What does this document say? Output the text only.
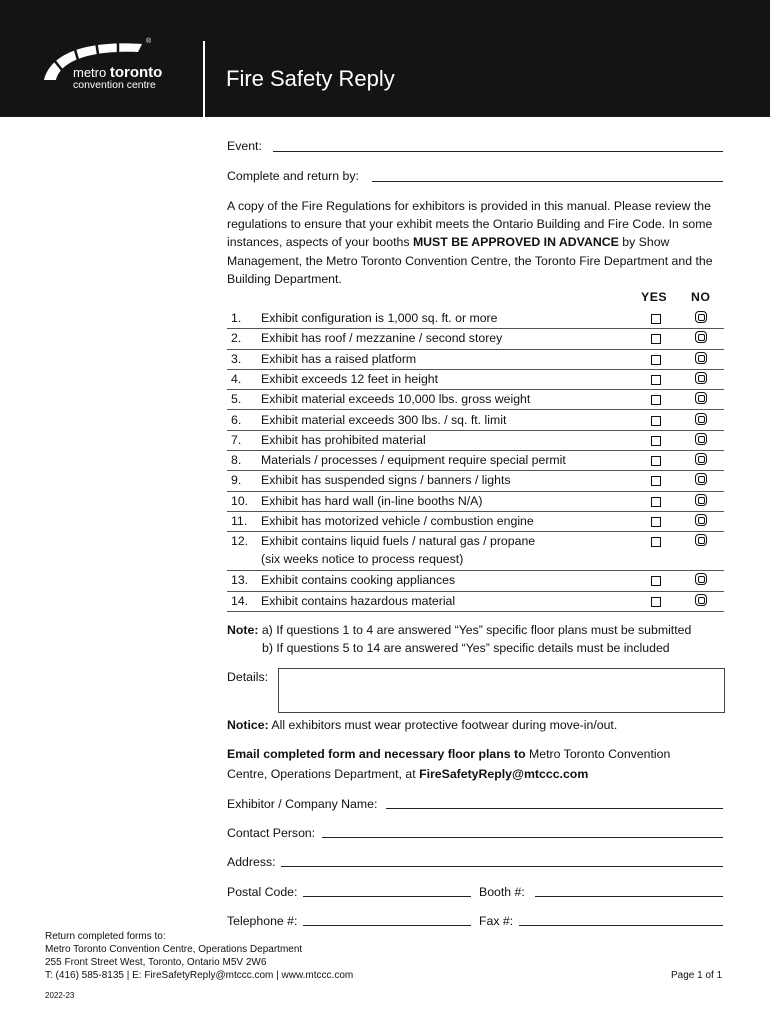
®
metro toronto
convention centre	Fire Safety Reply
Event:
Complete and return by:
A copy of the Fire Regulations for exhibitors is provided in this manual. Please review the regulations to ensure that your exhibit meets the Ontario Building and Fire Code. In some instances, aspects of your booths MUST BE APPROVED IN ADVANCE by Show Management, the Metro Toronto Convention Centre, the Toronto Fire Department and the Building Department.
YES NO
1. Exhibit configuration is 1,000 sq. ft. or more
2. Exhibit has roof / mezzanine / second storey
3. Exhibit has a raised platform
4. Exhibit exceeds 12 feet in height
5. Exhibit material exceeds 10,000 lbs. gross weight
6. Exhibit material exceeds 300 lbs. / sq. ft. limit
7. Exhibit has prohibited material
8. Materials / processes / equipment require special permit
9. Exhibit has suspended signs / banners / lights
10. Exhibit has hard wall (in-line booths N/A)
11. Exhibit has motorized vehicle / combustion engine
12. Exhibit contains liquid fuels / natural gas / propane
(six weeks notice to process request)
13. Exhibit contains cooking appliances
14. Exhibit contains hazardous material
Note: a) If questions 1 to 4 are answered “Yes” specific floor plans must be submitted
b) If questions 5 to 14 are answered “Yes” specific details must be included
Details:
Notice: All exhibitors must wear protective footwear during move-in/out.
Email completed form and necessary floor plans to Metro Toronto Convention
Centre, Operations Department, at FireSafetyReply@mtccc.com
Exhibitor / Company Name:
Contact Person:
Address:
Postal Code:	Booth #:
Telephone #:	Fax #:
Return completed forms to:
Metro Toronto Convention Centre, Operations Department
255 Front Street West, Toronto, Ontario M5V 2W6
T: (416) 585-8135 | E: FireSafetyReply@mtccc.com | www.mtccc.com
2022-23
Page 1 of 1
